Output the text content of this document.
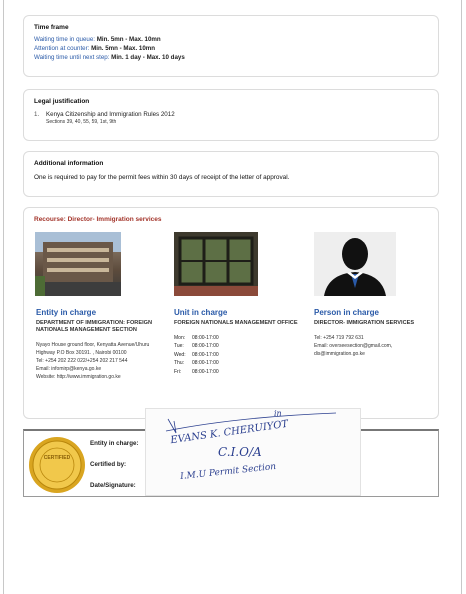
Time frame
Waiting time in queue: Min. 5mn - Max. 10mn
Attention at counter: Min. 5mn - Max. 10mn
Waiting time until next step: Min. 1 day - Max. 10 days
Legal justification
1.	Kenya Citizenship and Immigration Rules 2012
Sections 39, 40, 55, 59, 1st, 9th
Additional information
One is required to pay for the permit fees within 30 days of receipt of the letter of approval.
Recourse: Director- Immigration services
Entity in charge
DEPARTMENT OF IMMIGRATION: FOREIGN NATIONALS MANAGEMENT SECTION
Nyayo House ground floor, Kenyatta Avenue/Uhuru Highway P.O Box 30191. , Nairobi 00100
Tel: +254 202 222 022/+254 202 217 544
Email: infomirp@kenya.go.ke
Website: http://www.immigration.go.ke
Unit in charge
FOREIGN NATIONALS MANAGEMENT OFFICE
Mon:	08:00-17:00
Tue:	08:00-17:00
Wed:	08:00-17:00
Thu:	08:00-17:00
Fri:	08:00-17:00
Person in charge
DIRECTOR- IMMIGRATION SERVICES
Tel: +254 719 792 631
Email: overseesection@gmail.com, dis@immigration.go.ke
CERTIFIED
Entity in charge:
Certified by:
Date/Signature:
in
EVANS K. CHERUIYOT
C.I.O/A
I.M.U Permit Section
